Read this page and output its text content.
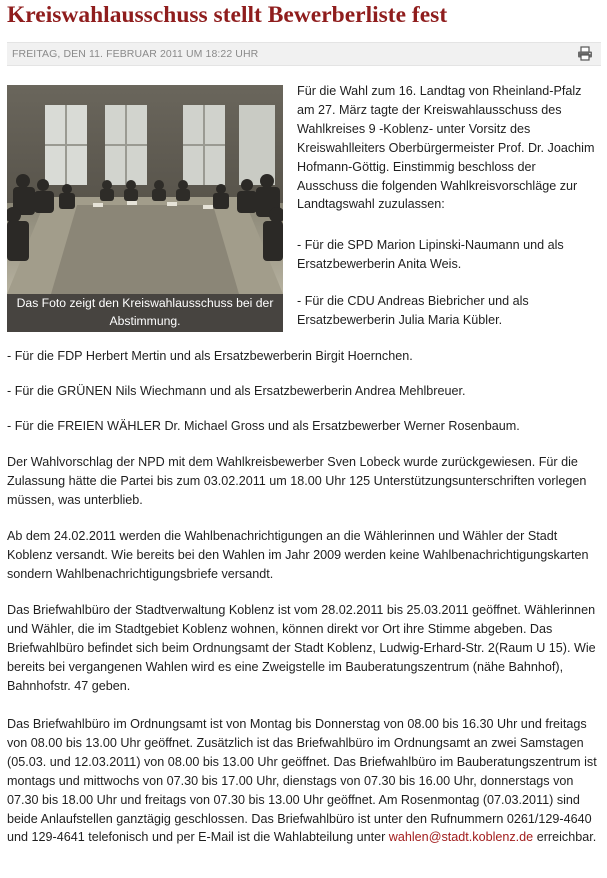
Kreiswahlausschuss stellt Bewerberliste fest
FREITAG, DEN 11. FEBRUAR 2011 UM 18:22 UHR
Das Foto zeigt den Kreiswahlausschuss bei der Abstimmung.

Für die Wahl zum 16. Landtag von Rheinland-Pfalz am 27. März tagte der Kreiswahlausschuss des Wahlkreises 9 -Koblenz- unter Vorsitz des Kreiswahlleiters Oberbürgermeister Prof. Dr. Joachim Hofmann-Göttig. Einstimmig beschloss der Ausschuss die folgenden Wahlkreisvorschläge zur Landtagswahl zuzulassen:

- Für die SPD Marion Lipinski-Naumann und als Ersatzbewerberin Anita Weis.

- Für die CDU Andreas Biebricher und als Ersatzbewerberin Julia Maria Kübler.

- Für die FDP Herbert Mertin und als Ersatzbewerberin Birgit Hoernchen.

- Für die GRÜNEN Nils Wiechmann und als Ersatzbewerberin Andrea Mehlbreuer.

- Für die FREIEN WÄHLER Dr. Michael Gross und als Ersatzbewerber Werner Rosenbaum.

Der Wahlvorschlag der NPD mit dem Wahlkreisbewerber Sven Lobeck wurde zurückgewiesen. Für die Zulassung hätte die Partei bis zum 03.02.2011 um 18.00 Uhr 125 Unterstützungsunterschriften vorlegen müssen, was unterblieb.

Ab dem 24.02.2011 werden die Wahlbenachrichtigungen an die Wählerinnen und Wähler der Stadt Koblenz versandt. Wie bereits bei den Wahlen im Jahr 2009 werden keine Wahlbenachrichtigungskarten sondern Wahlbenachrichtigungsbriefe versandt.

Das Briefwahlbüro der Stadtverwaltung Koblenz ist vom 28.02.2011 bis 25.03.2011 geöffnet. Wählerinnen und Wähler, die im Stadtgebiet Koblenz wohnen, können direkt vor Ort ihre Stimme abgeben. Das Briefwahlbüro befindet sich beim Ordnungsamt der Stadt Koblenz, Ludwig-Erhard-Str. 2(Raum U 15). Wie bereits bei vergangenen Wahlen wird es eine Zweigstelle im Bauberatungszentrum (nähe Bahnhof), Bahnhofstr. 47 geben.

Das Briefwahlbüro im Ordnungsamt ist von Montag bis Donnerstag von 08.00 bis 16.30 Uhr und freitags von 08.00 bis 13.00 Uhr geöffnet. Zusätzlich ist das Briefwahlbüro im Ordnungsamt an zwei Samstagen (05.03. und 12.03.2011) von 08.00 bis 13.00 Uhr geöffnet. Das Briefwahlbüro im Bauberatungszentrum ist montags und mittwochs von 07.30 bis 17.00 Uhr, dienstags von 07.30 bis 16.00 Uhr, donnerstags von 07.30 bis 18.00 Uhr und freitags von 07.30 bis 13.00 Uhr geöffnet. Am Rosenmontag (07.03.2011) sind beide Anlaufstellen ganztägig geschlossen. Das Briefwahlbüro ist unter den Rufnummern 0261/129-4640 und 129-4641 telefonisch und per E-Mail ist die Wahlabteilung unter wahlen@stadt.koblenz.de erreichbar.
